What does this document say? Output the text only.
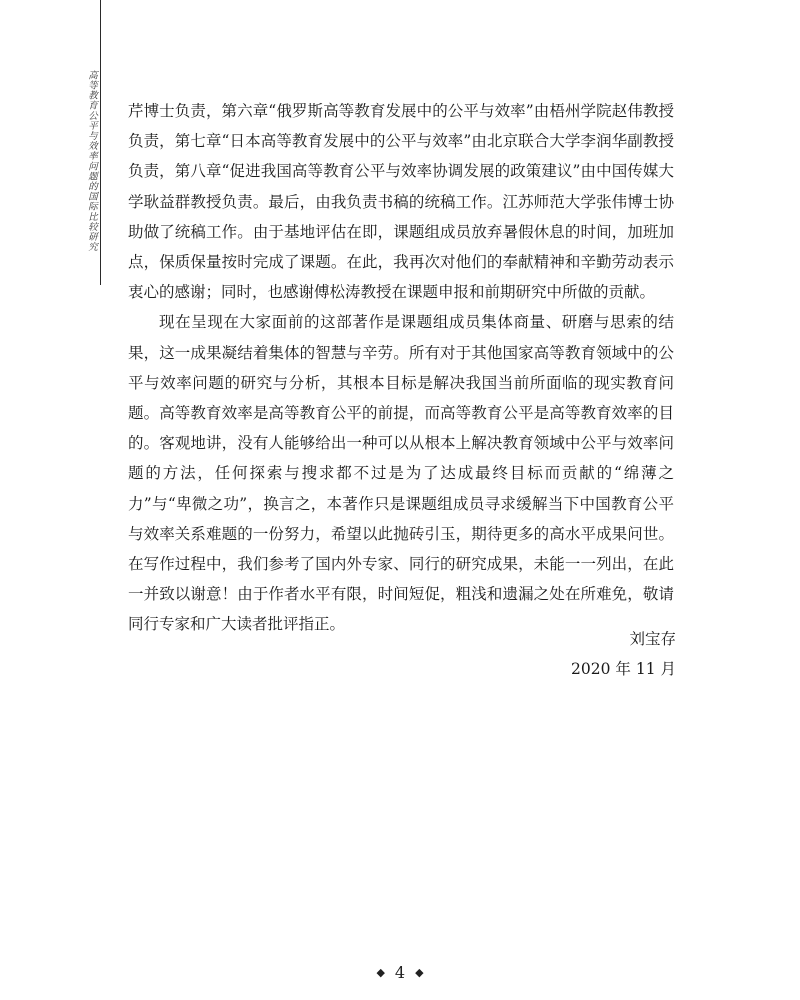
高等教育公平与效率问题的国际比较研究 芹博士负责，第六章“俄罗斯高等教育发展中的公平与效率”由梧州学院赵伟教授负责，第七章“日本高等教育发展中的公平与效率”由北京联合大学李润华副教授负责，第八章“促进我国高等教育公平与效率协调发展的政策建议”由中国传媒大学耿益群教授负责。最后，由我负责书稿的统稿工作。江苏师范大学张伟博士协助做了统稿工作。由于基地评估在即，课题组成员放弃暑假休息的时间，加班加点，保质保量按时完成了课题。在此，我再次对他们的奉献精神和辛勤劳动表示衷心的感谢；同时，也感谢傅松涛教授在课题申报和前期研究中所做的贡献。

现在呈现在大家面前的这部著作是课题组成员集体商量、研磨与思索的结果，这一成果凝结着集体的智慧与辛劳。所有对于其他国家高等教育领域中的公平与效率问题的研究与分析，其根本目标是解决我国当前所面临的现实教育问题。高等教育效率是高等教育公平的前提，而高等教育公平是高等教育效率的目的。客观地讲，没有人能够给出一种可以从根本上解决教育领域中公平与效率问题的方法，任何探索与搜求都不过是为了达成最终目标而贡献的“绵薄之力”与“卑微之功”，换言之，本著作只是课题组成员寻求缓解当下中国教育公平与效率关系难题的一份努力，希望以此抛砖引玉，期待更多的高水平成果问世。在写作过程中，我们参考了国内外专家、同行的研究成果，未能一一列出，在此一并致以谢意！由于作者水平有限，时间短促，粗浅和遗漏之处在所难免，敬请同行专家和广大读者批评指正。

刘宝存
2020 年 11 月
◆ 4 ◆
